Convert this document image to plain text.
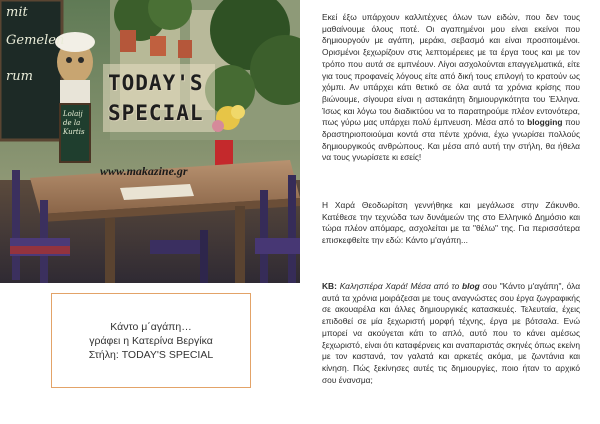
mit
Gemelen
rum
Lolaij de la Kurtis
TODAY'S
SPECIAL
www.makazine.gr
Κάντο μ΄αγάπη…
γράφει η Κατερίνα Βεργίκα
Στήλη: TODAY'S SPECIAL

Εκεί έξω υπάρχουν καλλιτέχνες όλων των ειδών, που δεν τους μαθαίνουμε όλους ποτέ. Οι αγαπημένοι μου είναι εκείνοι που δημιουργούν με αγάπη, μεράκι, σεβασμό και είναι προσιτοιμένοι. Ορισμένοι ξεχωρίζουν στις λεπτομέρειες με τα έργα τους και με τον τρόπο που αυτά σε εμπνέουν. Λίγοι ασχολούνται επαγγελματικά, είτε για τους προφανείς λόγους είτε από δική τους επιλογή το κρατούν ως χόμπι. Αν υπάρχει κάτι θετικό σε όλα αυτά τα χρόνια κρίσης που βιώνουμε, σίγουρα είναι η αστακάητη δημιουργικότητα του Έλληνα. Ίσως και λόγω του διαδικτύου να το παρατηρούμε πλέον εντονότερα, πως γύρω μας υπάρχει πολύ έμπνευση. Μέσα από το blogging που δραστηριοποιούμαι κοντά στα πέντε χρόνια, έχω γνωρίσει πολλούς δημιουργικούς ανθρώπους. Και μέσα από αυτή την στήλη, θα ήθελα να τους γνωρίσετε κι εσείς!

Η Χαρά Θεοδωρίτση γεννήθηκε και μεγάλωσε στην Ζάκυνθο. Κατέθεσε την τεχνώδα των δυνάμεών της στο Ελληνικό Δημόσιο και τώρα πλέον απόμαρς, ασχολείται με τα "θέλω" της. Για περισσότερα επισκεφθείτε την εδώ: Κάντο μ'αγάπη...

ΚΒ: Καλησπέρα Χαρά! Μέσα από το blog σου "Κάντο μ'αγάπη", όλα αυτά τα χρόνια μοιράζεσαι με τους αναγνώστες σου έργα ζωγραφικής σε ακουαρέλα και άλλες δημιουργικές κατασκευές. Τελευταία, έχεις επιδοθεί σε μία ξεχωριστή μορφή τέχνης, έργα με βότσαλα. Ενώ μπορεί να ακούγεται κάτι το απλό, αυτό που το κάνει αμέσως ξεχωριστό, είναι ότι καταφέρνεις και αναπαριστάς σκηνές όπως εκείνη με τον καστανά, τον γαλατά και αρκετές ακόμα, με ζωντάνια και κίνηση. Πώς ξεκίνησες αυτές τις δημιουργίες, ποιο ήταν το αρχικό σου ένανσμα;
